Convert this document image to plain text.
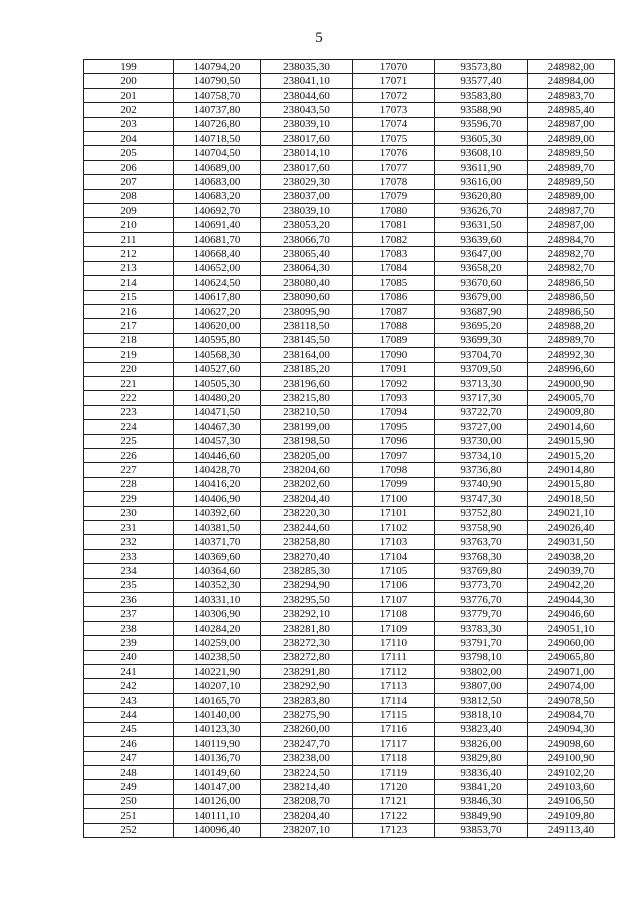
5
199	140794,20	238035,30	17070	93573,80	248982,00
200	140790,50	238041,10	17071	93577,40	248984,00
201	140758,70	238044,60	17072	93583,80	248983,70
202	140737,80	238043,50	17073	93588,90	248985,40
203	140726,80	238039,10	17074	93596,70	248987,00
204	140718,50	238017,60	17075	93605,30	248989,00
205	140704,50	238014,10	17076	93608,10	248989,50
206	140689,00	238017,60	17077	93611,90	248989,70
207	140683,00	238029,30	17078	93616,00	248989,50
208	140683,20	238037,00	17079	93620,80	248989,00
209	140692,70	238039,10	17080	93626,70	248987,70
210	140691,40	238053,20	17081	93631,50	248987,00
211	140681,70	238066,70	17082	93639,60	248984,70
212	140668,40	238065,40	17083	93647,00	248982,70
213	140652,00	238064,30	17084	93658,20	248982,70
214	140624,50	238080,40	17085	93670,60	248986,50
215	140617,80	238090,60	17086	93679,00	248986,50
216	140627,20	238095,90	17087	93687,90	248986,50
217	140620,00	238118,50	17088	93695,20	248988,20
218	140595,80	238145,50	17089	93699,30	248989,70
219	140568,30	238164,00	17090	93704,70	248992,30
220	140527,60	238185,20	17091	93709,50	248996,60
221	140505,30	238196,60	17092	93713,30	249000,90
222	140480,20	238215,80	17093	93717,30	249005,70
223	140471,50	238210,50	17094	93722,70	249009,80
224	140467,30	238199,00	17095	93727,00	249014,60
225	140457,30	238198,50	17096	93730,00	249015,90
226	140446,60	238205,00	17097	93734,10	249015,20
227	140428,70	238204,60	17098	93736,80	249014,80
228	140416,20	238202,60	17099	93740,90	249015,80
229	140406,90	238204,40	17100	93747,30	249018,50
230	140392,60	238220,30	17101	93752,80	249021,10
231	140381,50	238244,60	17102	93758,90	249026,40
232	140371,70	238258,80	17103	93763,70	249031,50
233	140369,60	238270,40	17104	93768,30	249038,20
234	140364,60	238285,30	17105	93769,80	249039,70
235	140352,30	238294,90	17106	93773,70	249042,20
236	140331,10	238295,50	17107	93776,70	249044,30
237	140306,90	238292,10	17108	93779,70	249046,60
238	140284,20	238281,80	17109	93783,30	249051,10
239	140259,00	238272,30	17110	93791,70	249060,00
240	140238,50	238272,80	17111	93798,10	249065,80
241	140221,90	238291,80	17112	93802,00	249071,00
242	140207,10	238292,90	17113	93807,00	249074,00
243	140165,70	238283,80	17114	93812,50	249078,50
244	140140,00	238275,90	17115	93818,10	249084,70
245	140123,30	238260,00	17116	93823,40	249094,30
246	140119,90	238247,70	17117	93826,00	249098,60
247	140136,70	238238,00	17118	93829,80	249100,90
248	140149,60	238224,50	17119	93836,40	249102,20
249	140147,00	238214,40	17120	93841,20	249103,60
250	140126,00	238208,70	17121	93846,30	249106,50
251	140111,10	238204,40	17122	93849,90	249109,80
252	140096,40	238207,10	17123	93853,70	249113,40
